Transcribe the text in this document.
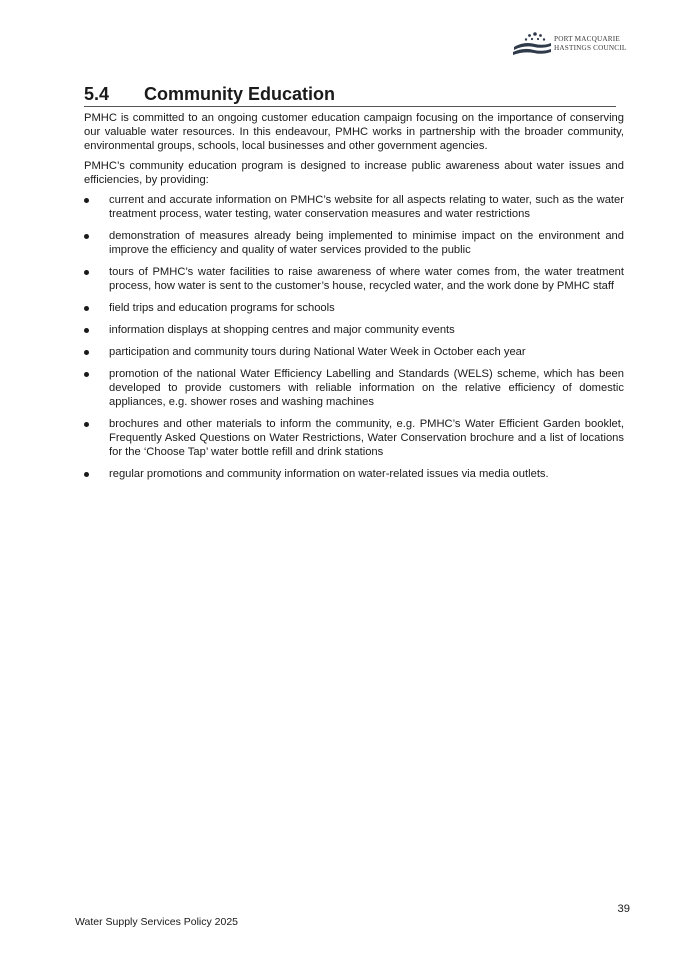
PORT MACQUARIE
HASTINGS COUNCIL
5.4 Community Education

PMHC is committed to an ongoing customer education campaign focusing on the importance of conserving our valuable water resources. In this endeavour, PMHC works in partnership with the broader community, environmental groups, schools, local businesses and other government agencies.

PMHC’s community education program is designed to increase public awareness about water issues and efficiencies, by providing:

current and accurate information on PMHC’s website for all aspects relating to water, such as the water treatment process, water testing, water conservation measures and water restrictions
demonstration of measures already being implemented to minimise impact on the environment and improve the efficiency and quality of water services provided to the public
tours of PMHC’s water facilities to raise awareness of where water comes from, the water treatment process, how water is sent to the customer’s house, recycled water, and the work done by PMHC staff
field trips and education programs for schools
information displays at shopping centres and major community events
participation and community tours during National Water Week in October each year
promotion of the national Water Efficiency Labelling and Standards (WELS) scheme, which has been developed to provide customers with reliable information on the relative efficiency of domestic appliances, e.g. shower roses and washing machines
brochures and other materials to inform the community, e.g. PMHC’s Water Efficient Garden booklet, Frequently Asked Questions on Water Restrictions, Water Conservation brochure and a list of locations for the ‘Choose Tap’ water bottle refill and drink stations
regular promotions and community information on water-related issues via media outlets.
39
Water Supply Services Policy 2025
